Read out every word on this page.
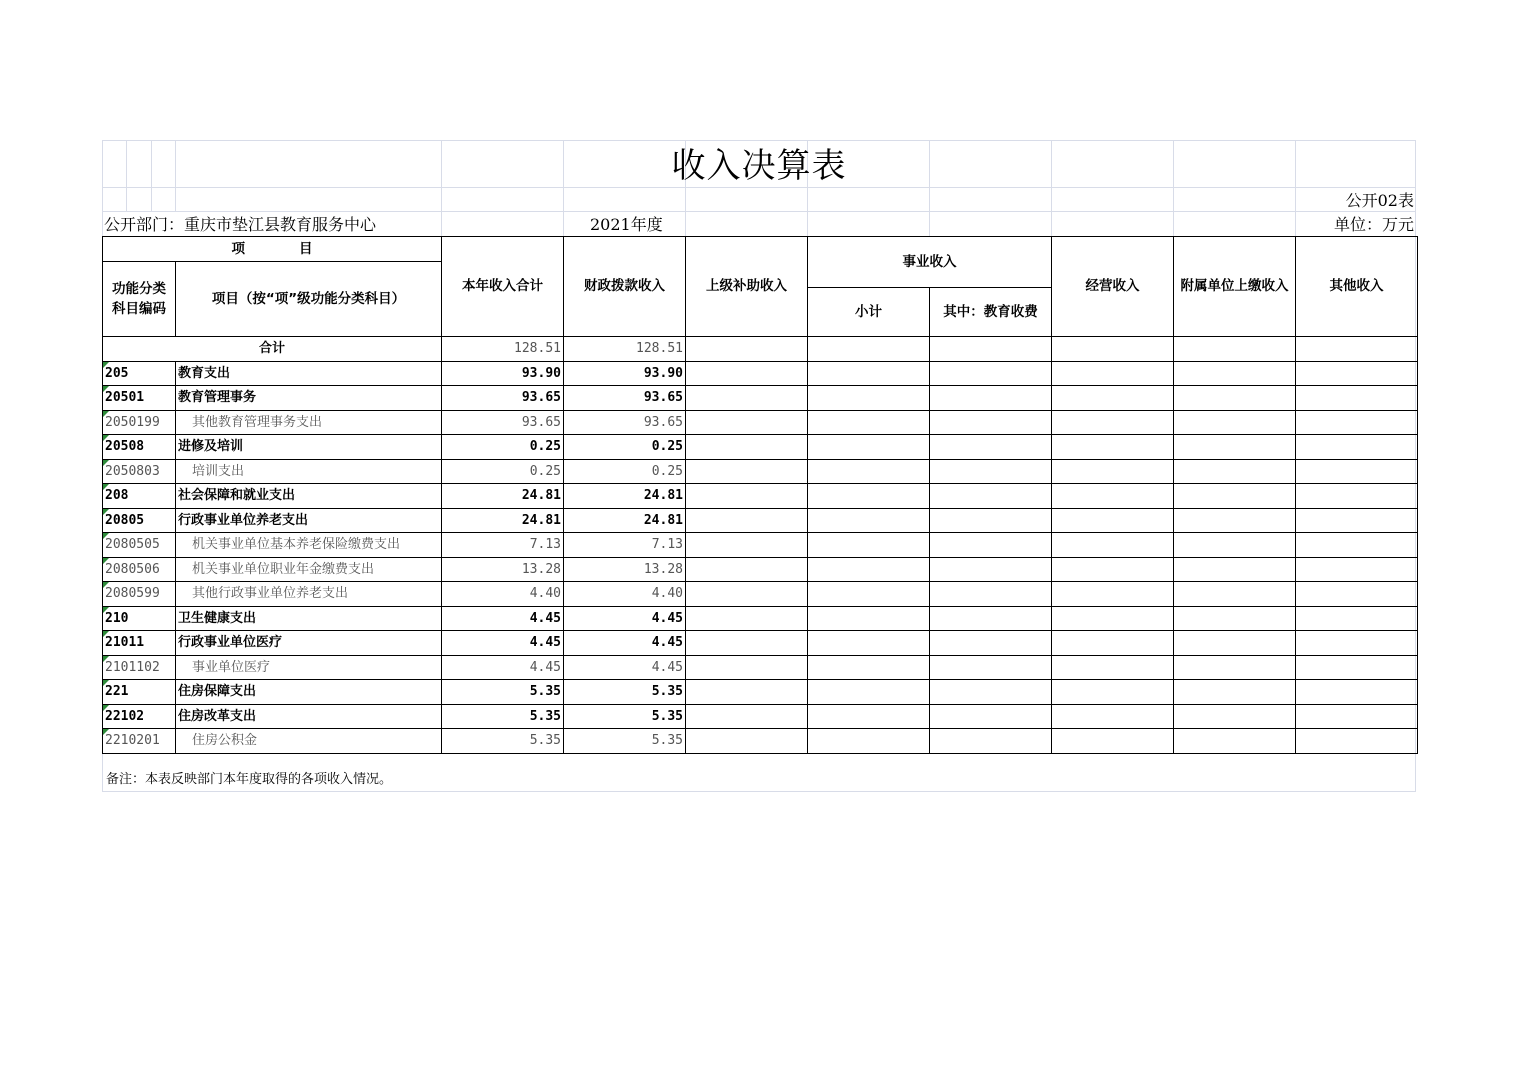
收入决算表
公开02表
公开部门：重庆市垫江县教育服务中心	2021年度	单位：万元
项　　　　目		本年收入合计	财政拨款收入	上级补助收入	事业收入		经营收入	附属单位上缴收入	其他收入

功能分类
科目编码	项目（按“项”级功能分类科目）								
					小计	其中：教育收费			
合计		128.51	128.51						

205	教育支出	93.90	93.90						

20501	教育管理事务	93.65	93.65						

2050199	其他教育管理事务支出	93.65	93.65						

20508	进修及培训	0.25	0.25						

2050803	培训支出	0.25	0.25						

208	社会保障和就业支出	24.81	24.81						

20805	行政事业单位养老支出	24.81	24.81						

2080505	机关事业单位基本养老保险缴费支出	7.13	7.13						

2080506	机关事业单位职业年金缴费支出	13.28	13.28						

2080599	其他行政事业单位养老支出	4.40	4.40						

210	卫生健康支出	4.45	4.45						

21011	行政事业单位医疗	4.45	4.45						

2101102	事业单位医疗	4.45	4.45						

221	住房保障支出	5.35	5.35						

22102	住房改革支出	5.35	5.35						

2210201	住房公积金	5.35	5.35						
备注：本表反映部门本年度取得的各项收入情况。
